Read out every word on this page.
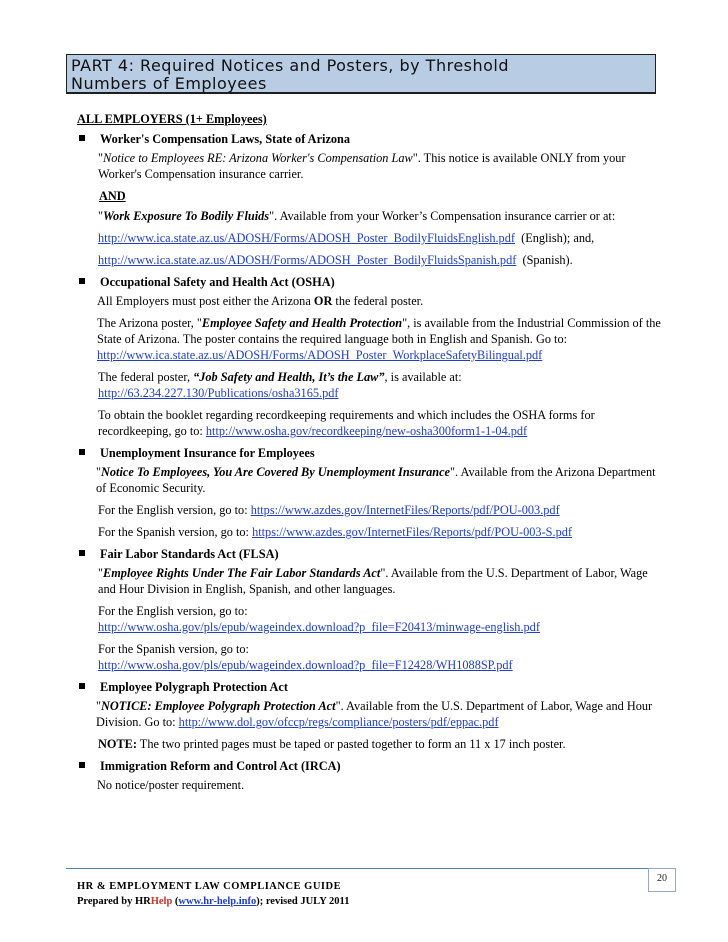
PART 4: Required Notices and Posters, by Threshold
Numbers of Employees
ALL EMPLOYERS (1+ Employees)
Worker's Compensation Laws, State of Arizona
"Notice to Employees RE: Arizona Worker's Compensation Law". This notice is available ONLY from your Worker's Compensation insurance carrier.
AND
"Work Exposure To Bodily Fluids". Available from your Worker’s Compensation insurance carrier or at:
http://www.ica.state.az.us/ADOSH/Forms/ADOSH_Poster_BodilyFluidsEnglish.pdf  (English); and,
http://www.ica.state.az.us/ADOSH/Forms/ADOSH_Poster_BodilyFluidsSpanish.pdf  (Spanish).
Occupational Safety and Health Act (OSHA)
All Employers must post either the Arizona OR the federal poster.
The Arizona poster, "Employee Safety and Health Protection", is available from the Industrial Commission of the State of Arizona. The poster contains the required language both in English and Spanish. Go to:
http://www.ica.state.az.us/ADOSH/Forms/ADOSH_Poster_WorkplaceSafetyBilingual.pdf
The federal poster, “Job Safety and Health, It’s the Law”, is available at:
http://63.234.227.130/Publications/osha3165.pdf
To obtain the booklet regarding recordkeeping requirements and which includes the OSHA forms for recordkeeping, go to: http://www.osha.gov/recordkeeping/new-osha300form1-1-04.pdf
Unemployment Insurance for Employees
"Notice To Employees, You Are Covered By Unemployment Insurance". Available from the Arizona Department of Economic Security.
For the English version, go to: https://www.azdes.gov/InternetFiles/Reports/pdf/POU-003.pdf
For the Spanish version, go to: https://www.azdes.gov/InternetFiles/Reports/pdf/POU-003-S.pdf
Fair Labor Standards Act (FLSA)
"Employee Rights Under The Fair Labor Standards Act". Available from the U.S. Department of Labor, Wage and Hour Division in English, Spanish, and other languages.
For the English version, go to:
http://www.osha.gov/pls/epub/wageindex.download?p_file=F20413/minwage-english.pdf
For the Spanish version, go to:
http://www.osha.gov/pls/epub/wageindex.download?p_file=F12428/WH1088SP.pdf
Employee Polygraph Protection Act
"NOTICE: Employee Polygraph Protection Act". Available from the U.S. Department of Labor, Wage and Hour Division. Go to: http://www.dol.gov/ofccp/regs/compliance/posters/pdf/eppac.pdf
NOTE: The two printed pages must be taped or pasted together to form an 11 x 17 inch poster.
Immigration Reform and Control Act (IRCA)
No notice/poster requirement.
20
HR & EMPLOYMENT LAW COMPLIANCE GUIDE
Prepared by HRHelp (www.hr-help.info); revised JULY 2011
